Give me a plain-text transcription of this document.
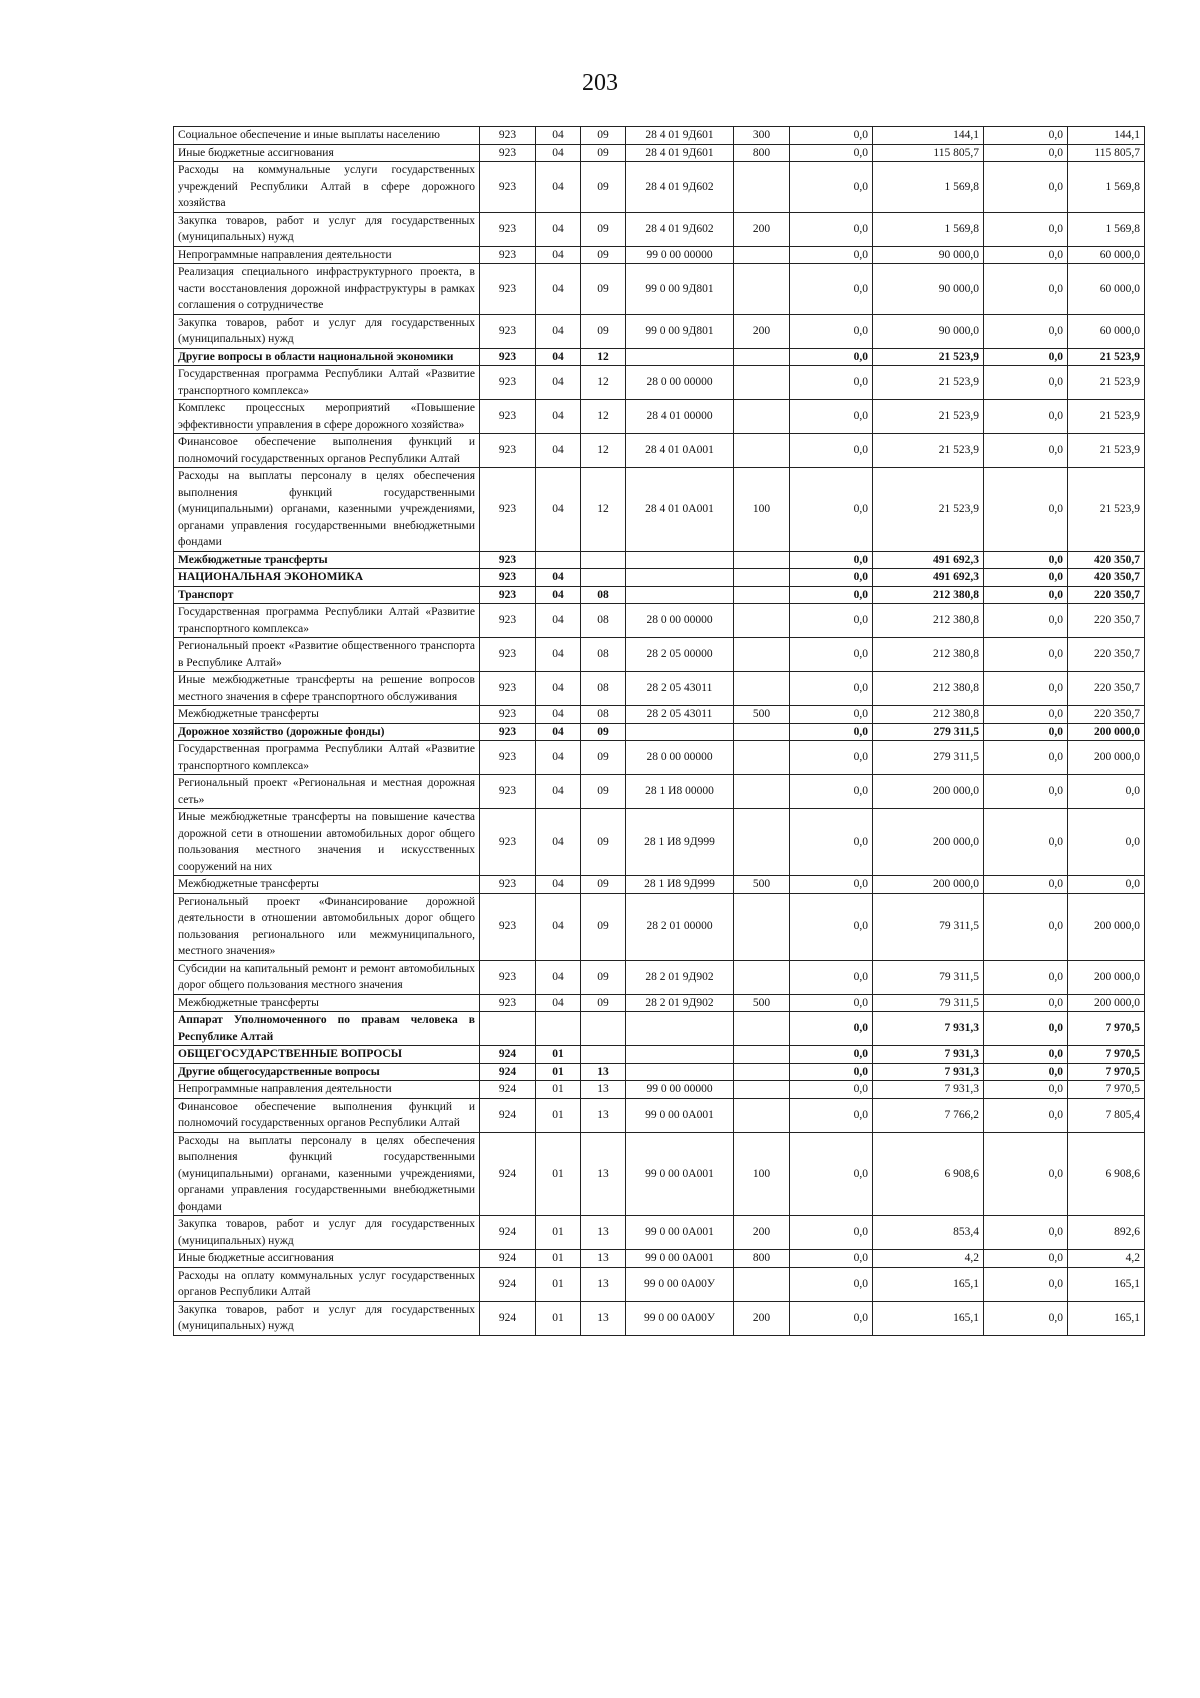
203
Социальное обеспечение и иные выплаты населению	923	04	09	28 4 01 9Д601	300	0,0	144,1	0,0	144,1
Иные бюджетные ассигнования	923	04	09	28 4 01 9Д601	800	0,0	115 805,7	0,0	115 805,7
Расходы на коммунальные услуги государственных учреждений Республики Алтай в сфере дорожного хозяйства	923	04	09	28 4 01 9Д602		0,0	1 569,8	0,0	1 569,8
Закупка товаров, работ и услуг для государственных (муниципальных) нужд	923	04	09	28 4 01 9Д602	200	0,0	1 569,8	0,0	1 569,8
Непрограммные направления деятельности	923	04	09	99 0 00 00000		0,0	90 000,0	0,0	60 000,0
Реализация специального инфраструктурного проекта, в части восстановления дорожной инфраструктуры в рамках соглашения о сотрудничестве	923	04	09	99 0 00 9Д801		0,0	90 000,0	0,0	60 000,0
Закупка товаров, работ и услуг для государственных (муниципальных) нужд	923	04	09	99 0 00 9Д801	200	0,0	90 000,0	0,0	60 000,0
Другие вопросы в области национальной экономики	923	04	12			0,0	21 523,9	0,0	21 523,9
Государственная программа Республики Алтай «Развитие транспортного комплекса»	923	04	12	28 0 00 00000		0,0	21 523,9	0,0	21 523,9
Комплекс процессных мероприятий «Повышение эффективности управления в сфере дорожного хозяйства»	923	04	12	28 4 01 00000		0,0	21 523,9	0,0	21 523,9
Финансовое обеспечение выполнения функций и полномочий государственных органов Республики Алтай	923	04	12	28 4 01 0А001		0,0	21 523,9	0,0	21 523,9
Расходы на выплаты персоналу в целях обеспечения выполнения функций государственными (муниципальными) органами, казенными учреждениями, органами управления государственными внебюджетными фондами	923	04	12	28 4 01 0А001	100	0,0	21 523,9	0,0	21 523,9
Межбюджетные трансферты	923					0,0	491 692,3	0,0	420 350,7
НАЦИОНАЛЬНАЯ ЭКОНОМИКА	923	04				0,0	491 692,3	0,0	420 350,7
Транспорт	923	04	08			0,0	212 380,8	0,0	220 350,7
Государственная программа Республики Алтай «Развитие транспортного комплекса»	923	04	08	28 0 00 00000		0,0	212 380,8	0,0	220 350,7
Региональный проект «Развитие общественного транспорта в Республике Алтай»	923	04	08	28 2 05 00000		0,0	212 380,8	0,0	220 350,7
Иные межбюджетные трансферты на решение вопросов местного значения в сфере транспортного обслуживания	923	04	08	28 2 05 43011		0,0	212 380,8	0,0	220 350,7
Межбюджетные трансферты	923	04	08	28 2 05 43011	500	0,0	212 380,8	0,0	220 350,7
Дорожное хозяйство (дорожные фонды)	923	04	09			0,0	279 311,5	0,0	200 000,0
Государственная программа Республики Алтай «Развитие транспортного комплекса»	923	04	09	28 0 00 00000		0,0	279 311,5	0,0	200 000,0
Региональный проект «Региональная и местная дорожная сеть»	923	04	09	28 1 И8 00000		0,0	200 000,0	0,0	0,0
Иные межбюджетные трансферты на повышение качества дорожной сети в отношении автомобильных дорог общего пользования местного значения и искусственных сооружений на них	923	04	09	28 1 И8 9Д999		0,0	200 000,0	0,0	0,0
Межбюджетные трансферты	923	04	09	28 1 И8 9Д999	500	0,0	200 000,0	0,0	0,0
Региональный проект «Финансирование дорожной деятельности в отношении автомобильных дорог общего пользования регионального или межмуниципального, местного значения»	923	04	09	28 2 01 00000		0,0	79 311,5	0,0	200 000,0
Субсидии на капитальный ремонт и ремонт автомобильных дорог общего пользования местного значения	923	04	09	28 2 01 9Д902		0,0	79 311,5	0,0	200 000,0
Межбюджетные трансферты	923	04	09	28 2 01 9Д902	500	0,0	79 311,5	0,0	200 000,0
Аппарат Уполномоченного по правам человека в Республике Алтай						0,0	7 931,3	0,0	7 970,5
ОБЩЕГОСУДАРСТВЕННЫЕ ВОПРОСЫ	924	01				0,0	7 931,3	0,0	7 970,5
Другие общегосударственные вопросы	924	01	13			0,0	7 931,3	0,0	7 970,5
Непрограммные направления деятельности	924	01	13	99 0 00 00000		0,0	7 931,3	0,0	7 970,5
Финансовое обеспечение выполнения функций и полномочий государственных органов Республики Алтай	924	01	13	99 0 00 0А001		0,0	7 766,2	0,0	7 805,4
Расходы на выплаты персоналу в целях обеспечения выполнения функций государственными (муниципальными) органами, казенными учреждениями, органами управления государственными внебюджетными фондами	924	01	13	99 0 00 0А001	100	0,0	6 908,6	0,0	6 908,6
Закупка товаров, работ и услуг для государственных (муниципальных) нужд	924	01	13	99 0 00 0А001	200	0,0	853,4	0,0	892,6
Иные бюджетные ассигнования	924	01	13	99 0 00 0А001	800	0,0	4,2	0,0	4,2
Расходы на оплату коммунальных услуг государственных органов Республики Алтай	924	01	13	99 0 00 0А00У		0,0	165,1	0,0	165,1
Закупка товаров, работ и услуг для государственных (муниципальных) нужд	924	01	13	99 0 00 0А00У	200	0,0	165,1	0,0	165,1
